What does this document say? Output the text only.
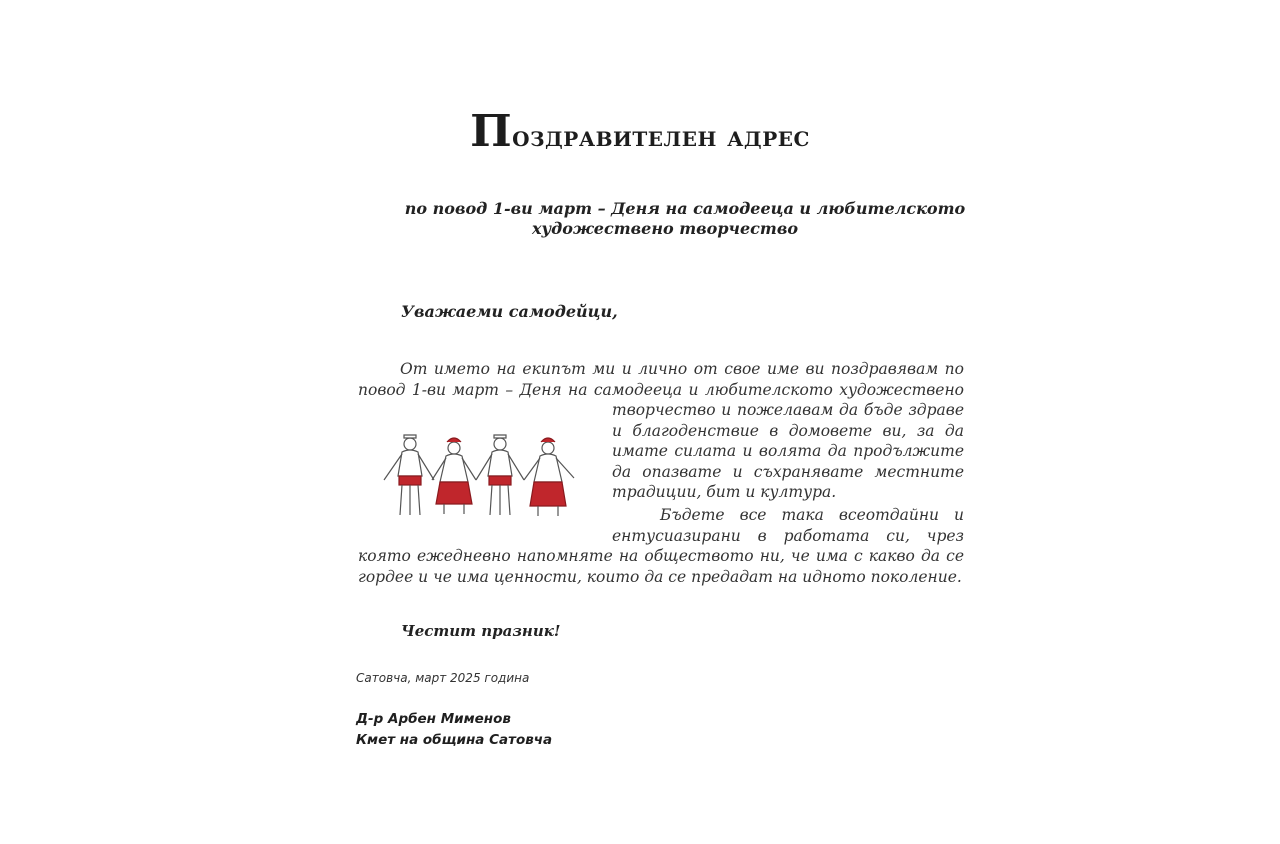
Поздравителен адрес
по повод 1-ви март – Деня на самодееца и любителското
художествено творчество
Уважаеми самодейци,
От името на екипът ми и лично от свое име ви поздравявам по
повод 1-ви март – Деня на самодееца и любителското художествено
творчество и пожелавам да бъде здраве и благоденствие в домовете ви, за да имате силата и волята да продължите да опазвате и съхранявате местните традиции, бит и култура.
Бъдете все така всеотдайни и
ентусиазирани в работата си, чрез
която ежедневно напомняте на обществото ни, че има с какво да се гордее и че има ценности, които да се предадат на идното поколение.
Честит празник!
Сатовча, март 2025 година
Д-р Арбен Мименов
Кмет на община Сатовча
